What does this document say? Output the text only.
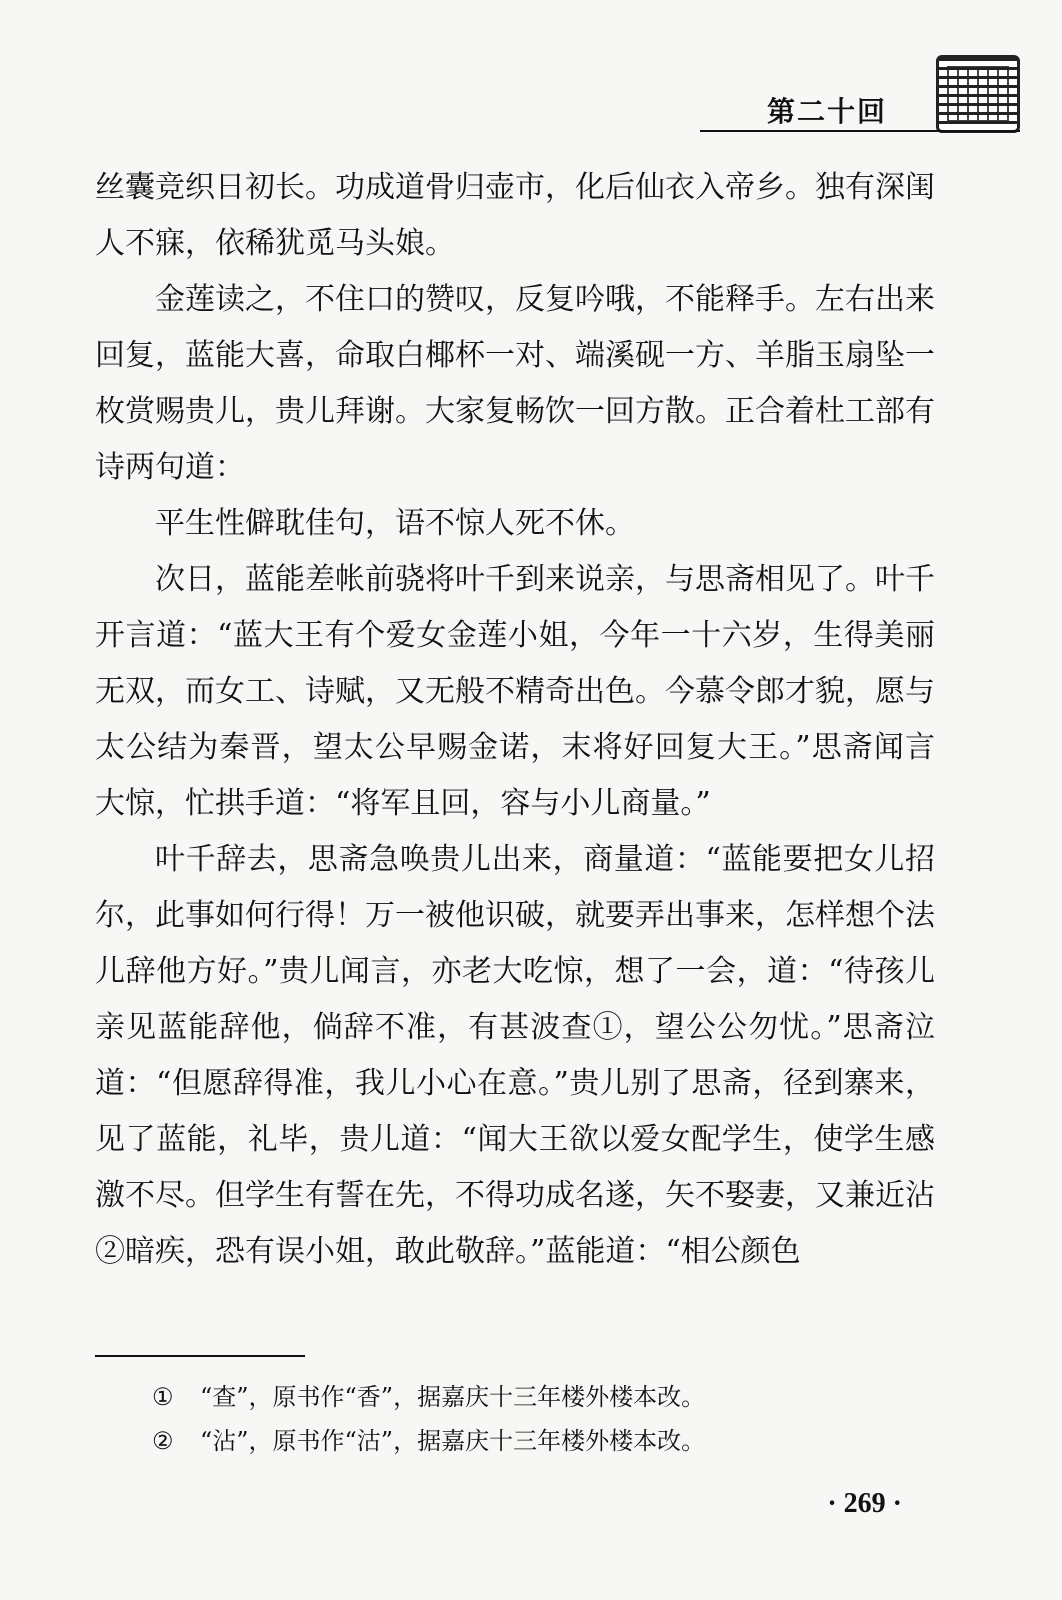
第二十回

丝囊竞织日初长。功成道骨归壶市，化后仙衣入帝乡。独有深闺人不寐，依稀犹觅马头娘。

金莲读之，不住口的赞叹，反复吟哦，不能释手。左右出来回复，蓝能大喜，命取白椰杯一对、端溪砚一方、羊脂玉扇坠一枚赏赐贵儿，贵儿拜谢。大家复畅饮一回方散。正合着杜工部有诗两句道：

平生性僻耽佳句，语不惊人死不休。

次日，蓝能差帐前骁将叶千到来说亲，与思斋相见了。叶千开言道：“蓝大王有个爱女金莲小姐，今年一十六岁，生得美丽无双，而女工、诗赋，又无般不精奇出色。今慕令郎才貌，愿与太公结为秦晋，望太公早赐金诺，末将好回复大王。”思斋闻言大惊，忙拱手道：“将军且回，容与小儿商量。”

叶千辞去，思斋急唤贵儿出来，商量道：“蓝能要把女儿招尔，此事如何行得！万一被他识破，就要弄出事来，怎样想个法儿辞他方好。”贵儿闻言，亦老大吃惊，想了一会，道：“待孩儿亲见蓝能辞他，倘辞不准，有甚波查①，望公公勿忧。”思斋泣道：“但愿辞得准，我儿小心在意。”贵儿别了思斋，径到寨来，见了蓝能，礼毕，贵儿道：“闻大王欲以爱女配学生，使学生感激不尽。但学生有誓在先，不得功成名遂，矢不娶妻，又兼近沾②暗疾，恐有误小姐，敢此敬辞。”蓝能道：“相公颜色

① “查”，原书作“香”，据嘉庆十三年楼外楼本改。
② “沾”，原书作“沽”，据嘉庆十三年楼外楼本改。
· 269 ·
